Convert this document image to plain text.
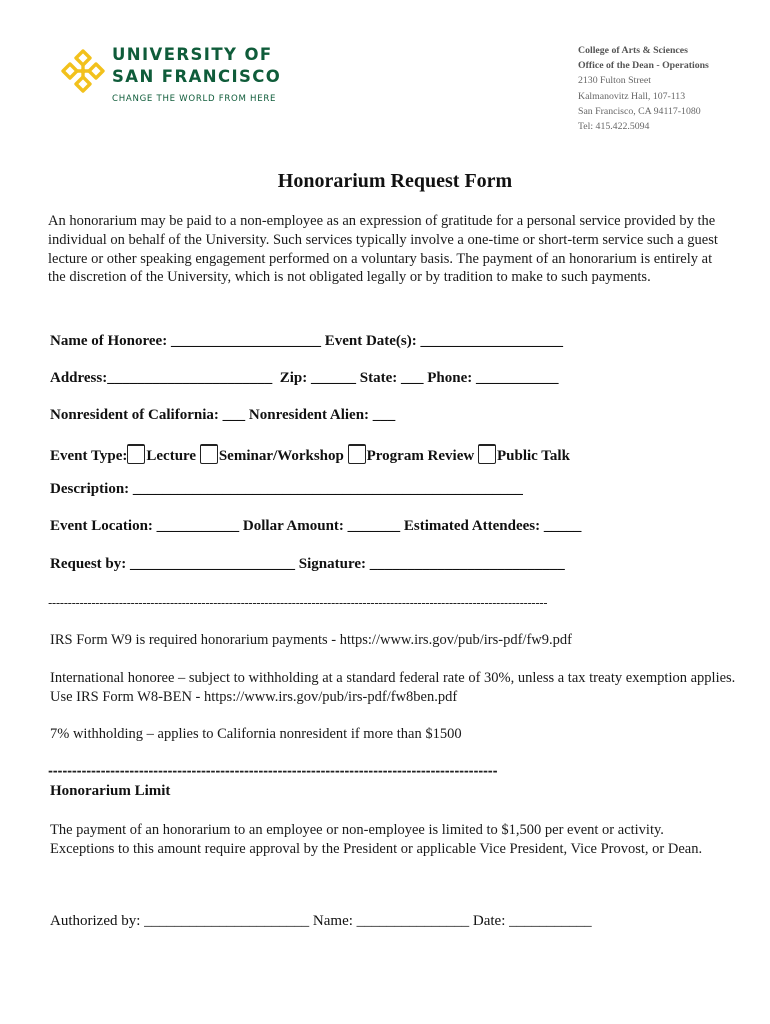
UNIVERSITY OF
SAN FRANCISCO
CHANGE THE WORLD FROM HERE
College of Arts & Sciences
Office of the Dean - Operations
2130 Fulton Street
Kalmanovitz Hall, 107-113
San Francisco, CA 94117-1080
Tel: 415.422.5094
Honorarium Request Form
An honorarium may be paid to a non-employee as an expression of gratitude for a personal service provided by the individual on behalf of the University. Such services typically involve a one-time or short-term service such a guest lecture or other speaking engagement performed on a voluntary basis. The payment of an honorarium is entirely at the discretion of the University, which is not obligated legally or by tradition to make to such payments.
Name of Honoree: ____________________ Event Date(s): ___________________
Address:______________________  Zip: ______ State: ___ Phone: ___________
Nonresident of California: ___ Nonresident Alien: ___
Event Type: Lecture Seminar/Workshop Program Review Public Talk
Description: ____________________________________________________
Event Location: ___________ Dollar Amount: _______ Estimated Attendees: _____
Request by: ______________________ Signature: __________________________
-------------------------------------------------------------------------------------------------------------------------------
IRS Form W9 is required honorarium payments - https://www.irs.gov/pub/irs-pdf/fw9.pdf
International honoree – subject to withholding at a standard federal rate of 30%, unless a tax treaty exemption applies. Use IRS Form W8-BEN - https://www.irs.gov/pub/irs-pdf/fw8ben.pdf
7% withholding – applies to California nonresident if more than $1500
----------------------------------------------------------------------------------------------
Honorarium Limit
The payment of an honorarium to an employee or non-employee is limited to $1,500 per event or activity. Exceptions to this amount require approval by the President or applicable Vice President, Vice Provost, or Dean.
Authorized by: ______________________ Name: _______________ Date: ___________
